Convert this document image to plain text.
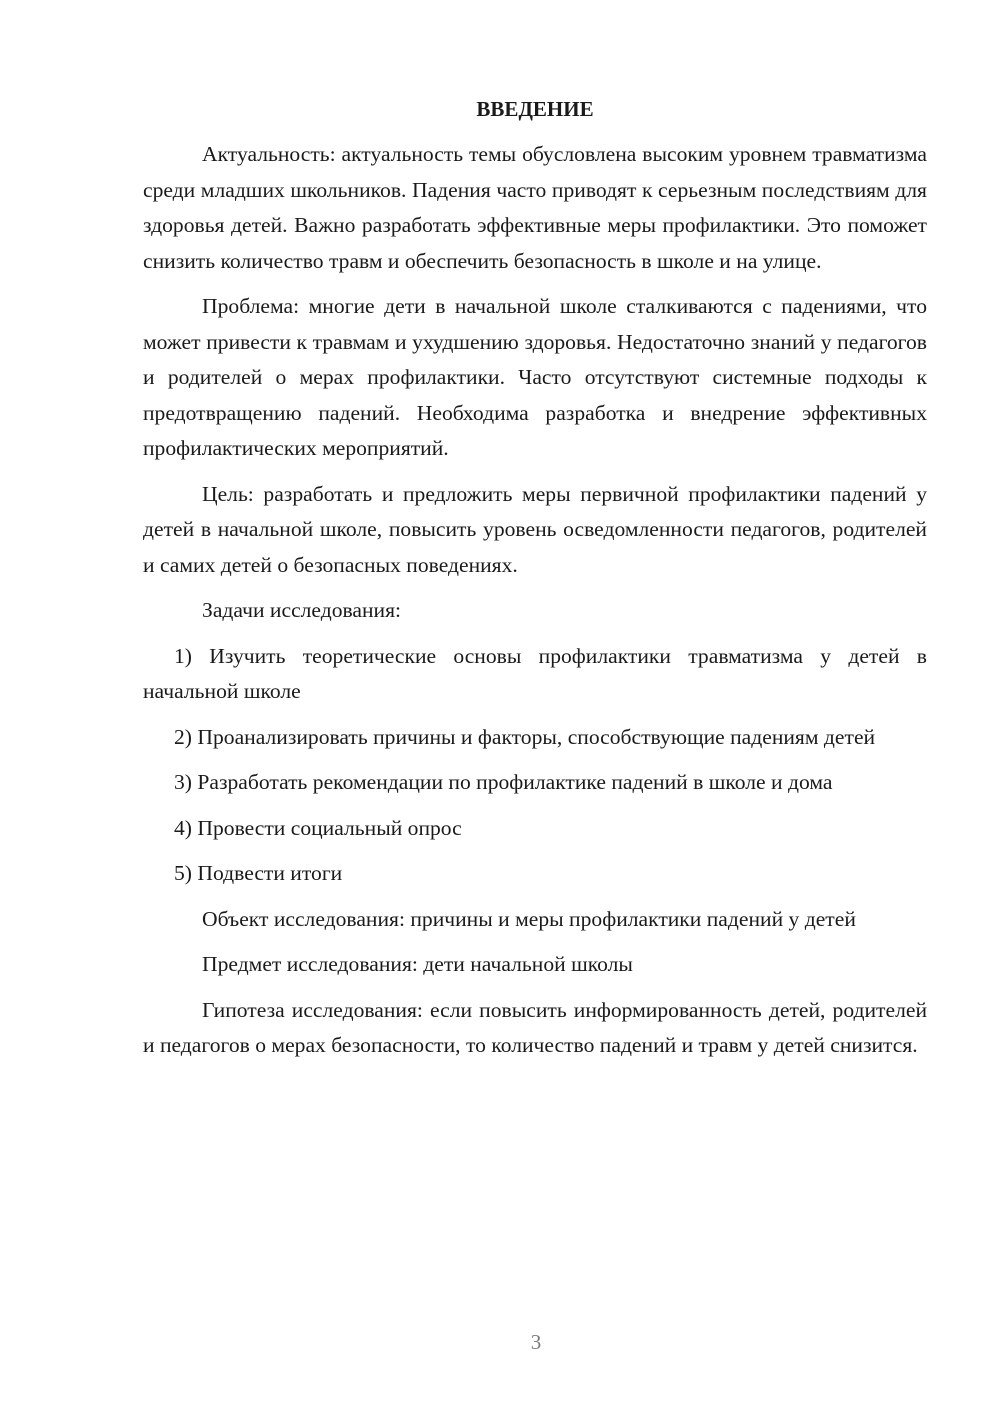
ВВЕДЕНИЕ

Актуальность: актуальность темы обусловлена высоким уровнем травматизма среди младших школьников. Падения часто приводят к серьезным последствиям для здоровья детей. Важно разработать эффективные меры профилактики. Это поможет снизить количество травм и обеспечить безопасность в школе и на улице.

Проблема: многие дети в начальной школе сталкиваются с падениями, что может привести к травмам и ухудшению здоровья. Недостаточно знаний у педагогов и родителей о мерах профилактики. Часто отсутствуют системные подходы к предотвращению падений. Необходима разработка и внедрение эффективных профилактических мероприятий.

Цель: разработать и предложить меры первичной профилактики падений у детей в начальной школе, повысить уровень осведомленности педагогов, родителей и самих детей о безопасных поведениях.

Задачи исследования:

1) Изучить теоретические основы профилактики травматизма у детей в начальной школе

2) Проанализировать причины и факторы, способствующие падениям детей

3) Разработать рекомендации по профилактике падений в школе и дома

4) Провести социальный опрос

5) Подвести итоги

Объект исследования: причины и меры профилактики падений у детей

Предмет исследования: дети начальной школы

Гипотеза исследования: если повысить информированность детей, родителей и педагогов о мерах безопасности, то количество падений и травм у детей снизится.

3
